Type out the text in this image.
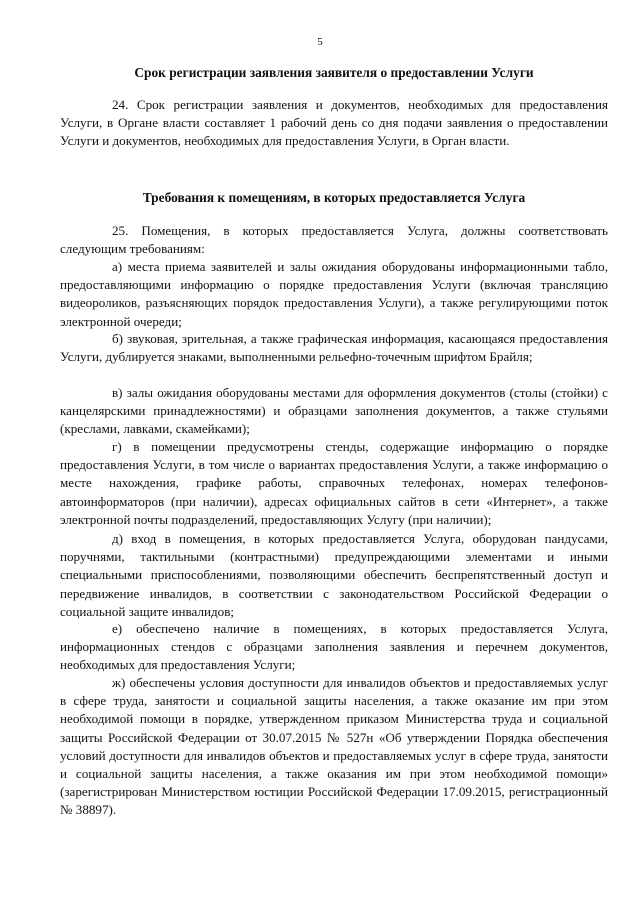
5
Срок регистрации заявления заявителя о предоставлении Услуги

24. Срок регистрации заявления и документов, необходимых для предоставления Услуги, в Органе власти составляет 1 рабочий день со дня подачи заявления о предоставлении Услуги и документов, необходимых для предоставления Услуги, в Орган власти.

Требования к помещениям, в которых предоставляется Услуга

25. Помещения, в которых предоставляется Услуга, должны соответствовать следующим требованиям:

а) места приема заявителей и залы ожидания оборудованы информационными табло, предоставляющими информацию о порядке предоставления Услуги (включая трансляцию видеороликов, разъясняющих порядок предоставления Услуги), а также регулирующими поток электронной очереди;

б) звуковая, зрительная, а также графическая информация, касающаяся предоставления Услуги, дублируется знаками, выполненными рельефно-точечным шрифтом Брайля;

в) залы ожидания оборудованы местами для оформления документов (столы (стойки) с канцелярскими принадлежностями) и образцами заполнения документов, а также стульями (креслами, лавками, скамейками);

г) в помещении предусмотрены стенды, содержащие информацию о порядке предоставления Услуги, в том числе о вариантах предоставления Услуги, а также информацию о месте нахождения, графике работы, справочных телефонах, номерах телефонов-автоинформаторов (при наличии), адресах официальных сайтов в сети «Интернет», а также электронной почты подразделений, предоставляющих Услугу (при наличии);

д) вход в помещения, в которых предоставляется Услуга, оборудован пандусами, поручнями, тактильными (контрастными) предупреждающими элементами и иными специальными приспособлениями, позволяющими обеспечить беспрепятственный доступ и передвижение инвалидов, в соответствии с законодательством Российской Федерации о социальной защите инвалидов;

е) обеспечено наличие в помещениях, в которых предоставляется Услуга, информационных стендов с образцами заполнения заявления и перечнем документов, необходимых для предоставления Услуги;

ж) обеспечены условия доступности для инвалидов объектов и предоставляемых услуг в сфере труда, занятости и социальной защиты населения, а также оказание им при этом необходимой помощи в порядке, утвержденном приказом Министерства труда и социальной защиты Российской Федерации от 30.07.2015 № 527н «Об утверждении Порядка обеспечения условий доступности для инвалидов объектов и предоставляемых услуг в сфере труда, занятости и социальной защиты населения, а также оказания им при этом необходимой помощи» (зарегистрирован Министерством юстиции Российской Федерации 17.09.2015, регистрационный № 38897).
